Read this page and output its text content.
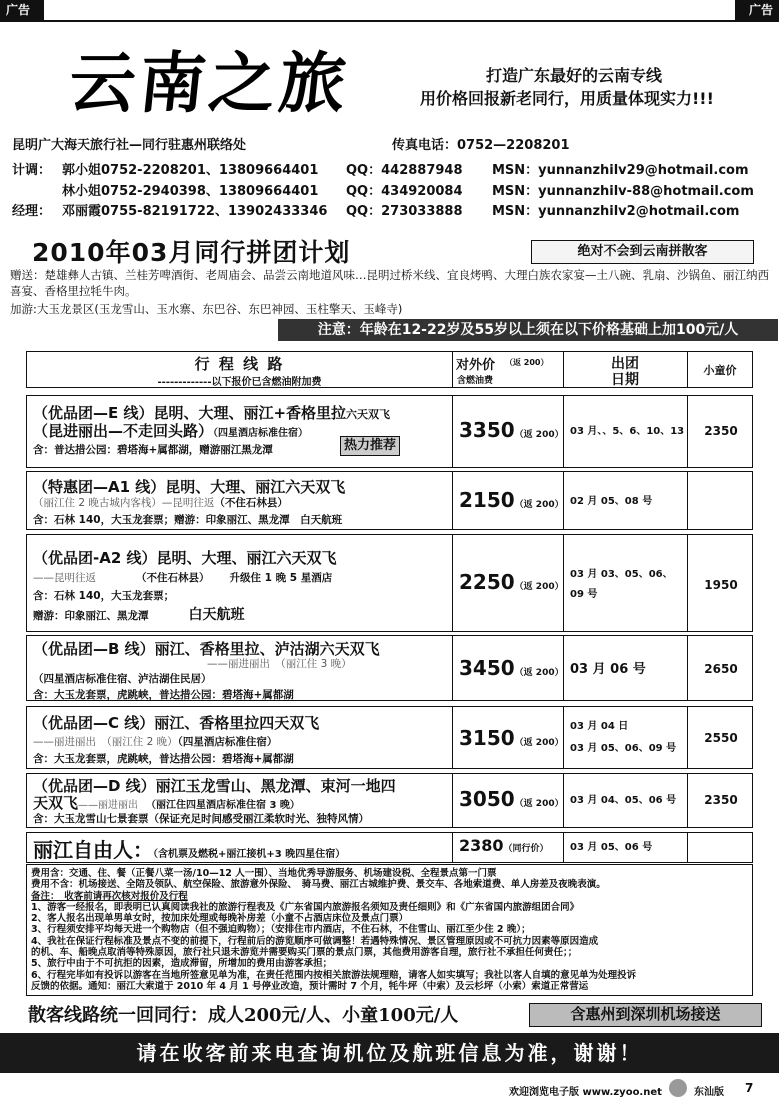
广告	广告
云南之旅	打造广东最好的云南专线
用价格回报新老同行，用质量体现实力!!!
昆明广大海天旅行社—同行驻惠州联络处	传真电话：0752—2208201
计调： 郭小姐0752-2208201、13809664401 QQ：442887948 MSN：yunnanzhilv29@hotmail.com
林小姐0752-2940398、13809664401 QQ：434920084 MSN：yunnanzhilv-88@hotmail.com
经理： 邓丽霞0755-82191722、13902433346 QQ：273033888 MSN：yunnanzhilv2@hotmail.com
2010年03月同行拼团计划	绝对不会到云南拼散客
赠送：楚雄彝人古镇、兰桂芳啤酒街、老周庙会、品尝云南地道风味…昆明过桥米线、宜良烤鸭、大理白族农家宴—土八碗、乳扇、沙锅鱼、丽江纳西喜宴、香格里拉牦牛肉。
加游:大玉龙景区(玉龙雪山、玉水寨、东巴谷、东巴神园、玉柱擎天、玉峰寺)
注意：年龄在12-22岁及55岁以上须在以下价格基础上加100元/人
行 程 线 路
-------------以下报价已含燃油附加费
对外价 （返 200）
含燃油费
出团
日期
小童价
（优品团—E 线）昆明、大理、丽江+香格里拉六天双飞
（昆进丽出—不走回头路）（四星酒店标准住宿）
含：普达措公园：碧塔海+属都湖，赠游丽江黑龙潭	热力推荐
3350（返 200） 03 月、、5、6、10、13	2350
（特惠团—A1 线）昆明、大理、丽江六天双飞
（丽江住 2 晚古城内客栈）—昆明往返（不住石林县）
含：石林 140，大玉龙套票；赠游：印象丽江、黑龙潭　白天航班
2150（返 200） 02 月 05、08 号
（优品团-A2 线）昆明、大理、丽江六天双飞
——昆明往返	（不住石林县） 升级住 1 晚 5 星酒店
含：石林 140，大玉龙套票；
赠游：印象丽江、黑龙潭	白天航班
2250（返 200）
03 月 03、05、06、09 号
1950
（优品团—B 线）丽江、香格里拉、泸沽湖六天双飞
——丽进丽出　（丽江住 3 晚）
（四星酒店标准住宿、泸沽湖住民居）
含：大玉龙套票，虎跳峡，普达措公园：碧塔海+属都湖
3450（返 200） 03 月 06 号	2650
（优品团—C 线）丽江、香格里拉四天双飞
——丽进丽出　（丽江住 2 晚）（四星酒店标准住宿）
含：大玉龙套票，虎跳峡，普达措公园：碧塔海+属都湖
3150（返 200）
03 月 04 日
03 月 05、06、09 号
2550
（优品团—D 线）丽江玉龙雪山、黑龙潭、束河一地四
天双飞——丽进丽出 （丽江住四星酒店标准住宿 3 晚）
含：大玉龙雪山七景套票（保证充足时间感受丽江柔软时光、独特风情）
3050（返 200） 03 月 04、05、06 号	2350
丽江自由人：（含机票及燃税+丽江接机+3 晚四星住宿）	2380（同行价） 03 月 05、06 号
费用含：交通、住、餐（正餐八菜一汤/10—12 人一围）、当地优秀导游服务、机场建设税、全程景点第一门票
费用不含：机场接送、全陪及领队、航空保险、旅游意外保险、　骑马费、丽江古城维护费、景交车、各地索道费、单人房差及夜晚表演。
备注：　收客前请再次核对报价及行程
1、游客一经报名，即表明已认真阅读我社的旅游行程表及《广东省国内旅游报名须知及责任细则》和《广东省国内旅游组团合同》
2、客人报名出现单男单女时，按加床处理或每晚补房差（小童不占酒店床位及景点门票）
3、行程须安排平均每天进一个购物店（但不强迫购物）；（安排住市内酒店，不住石林，不住雪山、丽江至少住 2 晚）；
4、我社在保证行程标准及景点不变的前提下，行程前后的游览顺序可做调整！若遇特殊情况、景区管理原因或不可抗力因素等原因造成
的机、车、船晚点取消等特殊原因，旅行社只退未游览并需要购买门票的景点门票，其他费用游客自理，旅行社不承担任何责任；；
5、旅行中由于不可抗拒的因素，造成滞留，所增加的费用由游客承担；
6、行程完毕如有投诉以游客在当地所签意见单为准，在责任范围内按相关旅游法规理赔，请客人如实填写；我社以客人自填的意见单为处理投诉
反馈的依据。通知：丽江大索道于 2010 年 4 月 1 号停业改造，预计需时 7 个月，牦牛坪（中索）及云杉坪（小索）索道正常营运
散客线路统一回同行：成人200元/人、小童100元/人	含惠州到深圳机场接送
请在收客前来电查询机位及航班信息为准，谢谢！
欢迎浏览电子版 www.zyoo.net	东汕版 7
